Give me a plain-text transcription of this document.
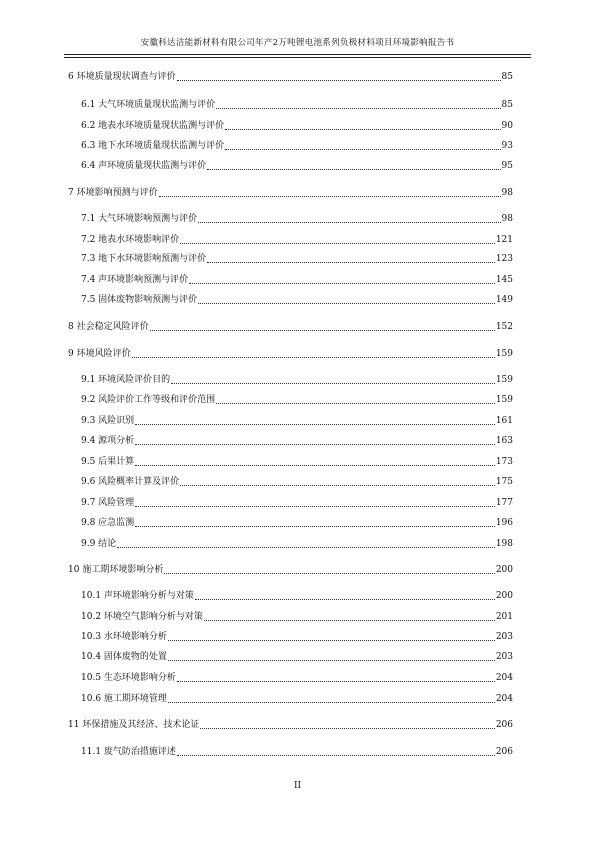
安徽科达洁能新材料有限公司年产2万吨锂电池系列负极材料项目环境影响报告书
6 环境质量现状调查与评价	85
6.1 大气环境质量现状监测与评价	85
6.2 地表水环境质量现状监测与评价	90
6.3 地下水环境质量现状监测与评价	93
6.4 声环境质量现状监测与评价	95
7 环境影响预测与评价	98
7.1 大气环境影响预测与评价	98
7.2 地表水环境影响评价	121
7.3 地下水环境影响预测与评价	123
7.4 声环境影响预测与评价	145
7.5 固体废物影响预测与评价	149
8 社会稳定风险评价	152
9 环境风险评价	159
9.1 环境风险评价目的	159
9.2 风险评价工作等级和评价范围	159
9.3 风险识别	161
9.4 源项分析	163
9.5 后果计算	173
9.6 风险概率计算及评价	175
9.7 风险管理	177
9.8 应急监测	196
9.9 结论	198
10 施工期环境影响分析	200
10.1 声环境影响分析与对策	200
10.2 环境空气影响分析与对策	201
10.3 水环境影响分析	203
10.4 固体废物的处置	203
10.5 生态环境影响分析	204
10.6 施工期环境管理	204
11 环保措施及其经济、技术论证	206
11.1 废气防治措施评述	206
II
